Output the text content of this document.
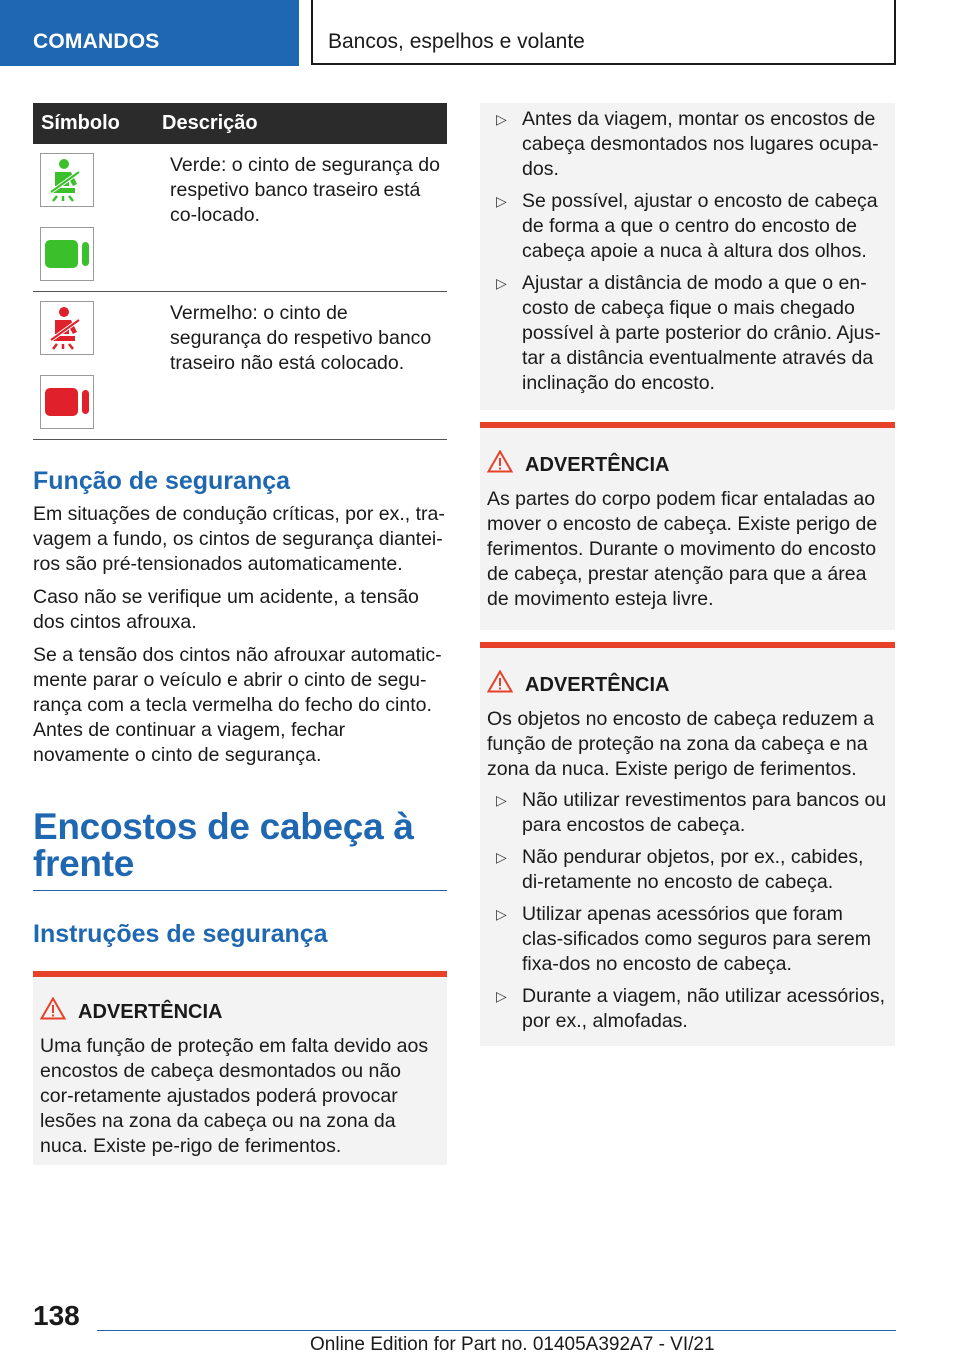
COMANDOS	Bancos, espelhos e volante
Símbolo	Descrição

	Verde: o cinto de segurança do respetivo banco traseiro está co-locado.

	Vermelho: o cinto de segurança do respetivo banco traseiro não está colocado.
Função de segurança

Em situações de condução críticas, por ex., tra-vagem a fundo, os cintos de segurança diantei-ros são pré-tensionados automaticamente.

Caso não se verifique um acidente, a tensão dos cintos afrouxa.

Se a tensão dos cintos não afrouxar automatic-mente parar o veículo e abrir o cinto de segu-rança com a tecla vermelha do fecho do cinto. Antes de continuar a viagem, fechar novamente o cinto de segurança.

Encostos de cabeça à frente
Instruções de segurança
ADVERTÊNCIA
Uma função de proteção em falta devido aos encostos de cabeça desmontados ou não cor-retamente ajustados poderá provocar lesões na zona da cabeça ou na zona da nuca. Existe pe-rigo de ferimentos.
▷ Antes da viagem, montar os encostos de cabeça desmontados nos lugares ocupa-dos.
▷ Se possível, ajustar o encosto de cabeça de forma a que o centro do encosto de cabeça apoie a nuca à altura dos olhos.
▷ Ajustar a distância de modo a que o en-costo de cabeça fique o mais chegado possível à parte posterior do crânio. Ajus-tar a distância eventualmente através da inclinação do encosto.
ADVERTÊNCIA
As partes do corpo podem ficar entaladas ao mover o encosto de cabeça. Existe perigo de ferimentos. Durante o movimento do encosto de cabeça, prestar atenção para que a área de movimento esteja livre.
ADVERTÊNCIA
Os objetos no encosto de cabeça reduzem a função de proteção na zona da cabeça e na zona da nuca. Existe perigo de ferimentos.
▷ Não utilizar revestimentos para bancos ou para encostos de cabeça.
▷ Não pendurar objetos, por ex., cabides, di-retamente no encosto de cabeça.
▷ Utilizar apenas acessórios que foram clas-sificados como seguros para serem fixa-dos no encosto de cabeça.
▷ Durante a viagem, não utilizar acessórios, por ex., almofadas.
138
Online Edition for Part no. 01405A392A7 - VI/21
